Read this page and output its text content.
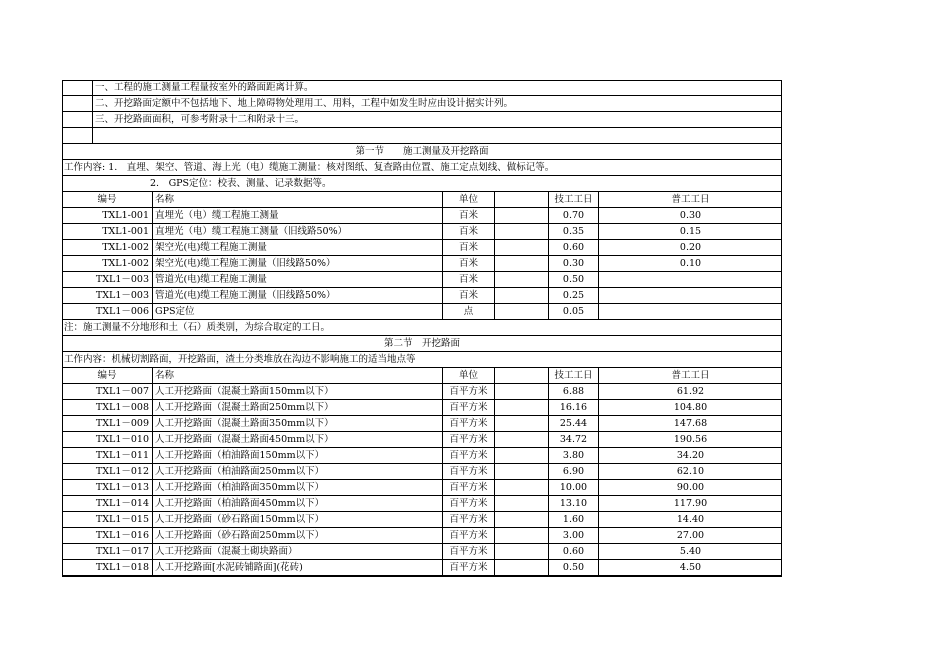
一、工程的施工测量工程量按室外的路面距离计算。
二、开挖路面定额中不包括地下、地上障碍物处理用工、用料，工程中如发生时应由设计据实计列。
三、开挖路面面积，可参考附录十二和附录十三。
第一节　　施工测量及开挖路面
工作内容: 1.　直埋、架空、管道、海上光（电）缆施工测量：核对图纸、复查路由位置、施工定点划线、做标记等。
2.　GPS定位：校表、测量、记录数据等。
编号	名称	单位	技工工日	普工工日
TXL1-001 直埋光（电）缆工程施工测量	百米	0.70	0.30
TXL1-001 直埋光（电）缆工程施工测量（旧线路50%）	百米	0.35	0.15
TXL1-002 架空光(电)缆工程施工测量	百米	0.60	0.20
TXL1-002 架空光(电)缆工程施工测量（旧线路50%）	百米	0.30	0.10
TXL1－003 管道光(电)缆工程施工测量	百米	0.50
TXL1－003 管道光(电)缆工程施工测量（旧线路50%）	百米	0.25
TXL1－006 GPS定位	点	0.05
注：施工测量不分地形和土（石）质类别，为综合取定的工日。
第二节　开挖路面
工作内容：机械切割路面，开挖路面，渣土分类堆放在沟边不影响施工的适当地点等
编号	名称	单位	技工工日	普工工日
TXL1－007 人工开挖路面（混凝土路面150mm以下）	百平方米	6.88	61.92
TXL1－008 人工开挖路面（混凝土路面250mm以下）	百平方米	16.16	104.80
TXL1－009 人工开挖路面（混凝土路面350mm以下）	百平方米	25.44	147.68
TXL1－010 人工开挖路面（混凝土路面450mm以下）	百平方米	34.72	190.56
TXL1－011 人工开挖路面（柏油路面150mm以下）	百平方米	3.80	34.20
TXL1－012 人工开挖路面（柏油路面250mm以下）	百平方米	6.90	62.10
TXL1－013 人工开挖路面（柏油路面350mm以下）	百平方米	10.00	90.00
TXL1－014 人工开挖路面（柏油路面450mm以下）	百平方米	13.10	117.90
TXL1－015 人工开挖路面（砂石路面150mm以下）	百平方米	1.60	14.40
TXL1－016 人工开挖路面（砂石路面250mm以下）	百平方米	3.00	27.00
TXL1－017 人工开挖路面（混凝土砌块路面）	百平方米	0.60	5.40
TXL1－018 人工开挖路面[水泥砖铺路面](花砖)	百平方米	0.50	4.50
